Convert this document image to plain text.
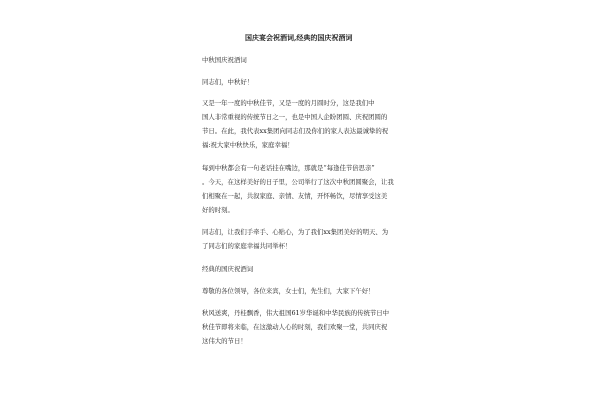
国庆宴会祝酒词,经典的国庆祝酒词

中秋国庆祝酒词

同志们，中秋好！

又是一年一度的中秋佳节，又是一度的月圆时分，这是我们中
国人非常重视的传统节日之一，也是中国人企盼团圆、庆祝团圆的
节日。在此，我代表xx集团向同志们及你们的家人表达最诚挚的祝
福:祝大家中秋快乐，家庭幸福！

每到中秋都会有一句老话挂在嘴边，那就是“每逢佳节倍思亲”
。今天，在这样美好的日子里，公司举行了这次中秋团圆聚会，让我
们相聚在一起，共叙家庭、亲情、友情，开怀畅饮，尽情享受这美
好的时刻。

同志们，让我们手牵手、心贴心，为了我们xx集团美好的明天、为
了同志们的家庭幸福共同举杯！

经典的国庆祝酒词

尊敬的各位领导，各位来宾，女士们，先生们，大家下午好！

秋风送爽，丹桂飘香，伟大祖国61岁华诞和中华民族的传统节日中
秋佳节即将来临，在这激动人心的时刻，我们欢聚一堂，共同庆祝
这伟大的节日！
